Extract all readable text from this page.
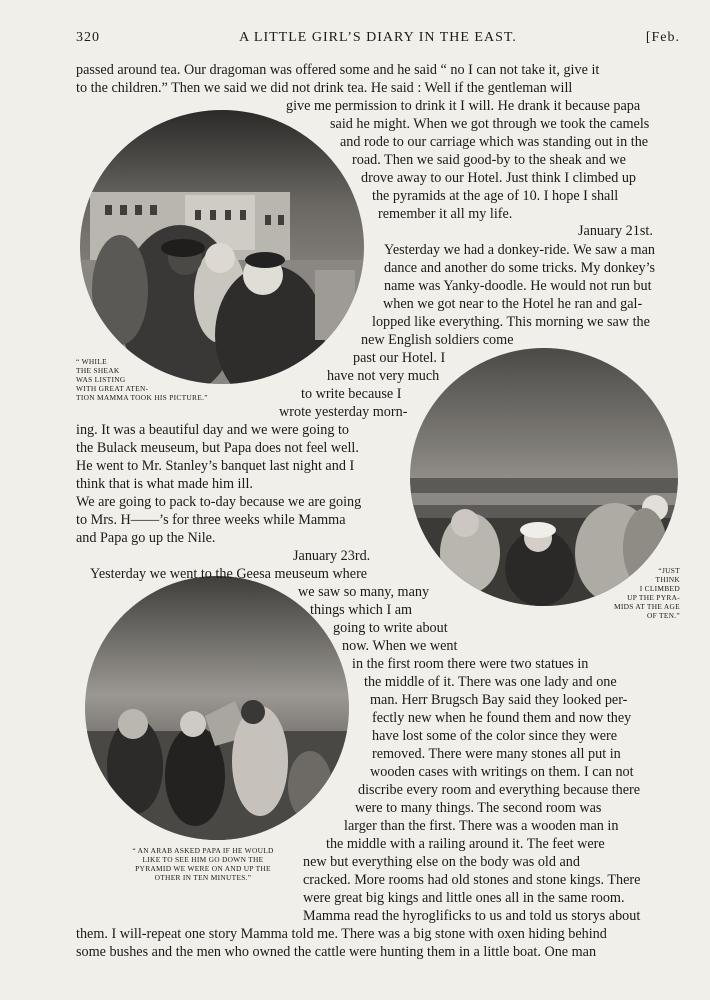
320	A LITTLE GIRL’S DIARY IN THE EAST.	[Feb.
“ WHILE
THE SHEAK
WAS LISTING
WITH GREAT ATEN-
TION MAMMA TOOK HIS PICTURE.”
“JUST
THINK
I CLIMBED
UP THE PYRA-
MIDS AT THE AGE
OF TEN.”
“ AN ARAB ASKED PAPA IF HE WOULD
LIKE TO SEE HIM GO DOWN THE
PYRAMID WE WERE ON AND UP THE
OTHER IN TEN MINUTES.”
passed around tea. Our dragoman was offered some and he said “ no I can not take it, give it
to the children.” Then we said we did not drink tea. He said : Well if the gentleman will
give me permission to drink it I will. He drank it because papa
said he might. When we got through we took the camels
and rode to our carriage which was standing out in the
road. Then we said good-by to the sheak and we
drove away to our Hotel. Just think I climbed up
the pyramids at the age of 10. I hope I shall
remember it all my life.
January 21st.
Yesterday we had a donkey-ride. We saw a man
dance and another do some tricks. My donkey’s
name was Yanky-doodle. He would not run but
when we got near to the Hotel he ran and gal-
lopped like everything. This morning we saw the
new English soldiers come
past our Hotel. I
have not very much
to write because I
wrote yesterday morn-
ing. It was a beautiful day and we were going to
the Bulack meuseum, but Papa does not feel well.
He went to Mr. Stanley’s banquet last night and I
think that is what made him ill.
We are going to pack to-day because we are going
to Mrs. H——’s for three weeks while Mamma
and Papa go up the Nile.
January 23rd.
Yesterday we went to the Geesa meuseum where
we saw so many, many
things which I am
going to write about
now. When we went
in the first room there were two statues in
the middle of it. There was one lady and one
man. Herr Brugsch Bay said they looked per-
fectly new when he found them and now they
have lost some of the color since they were
removed. There were many stones all put in
wooden cases with writings on them. I can not
discribe every room and everything because there
were to many things. The second room was
larger than the first. There was a wooden man in
the middle with a railing around it. The feet were
new but everything else on the body was old and
cracked. More rooms had old stones and stone kings. There
were great big kings and little ones all in the same room.
Mamma read the hyroglificks to us and told us storys about
them. I will-repeat one story Mamma told me. There was a big stone with oxen hiding behind
some bushes and the men who owned the cattle were hunting them in a little boat. One man
